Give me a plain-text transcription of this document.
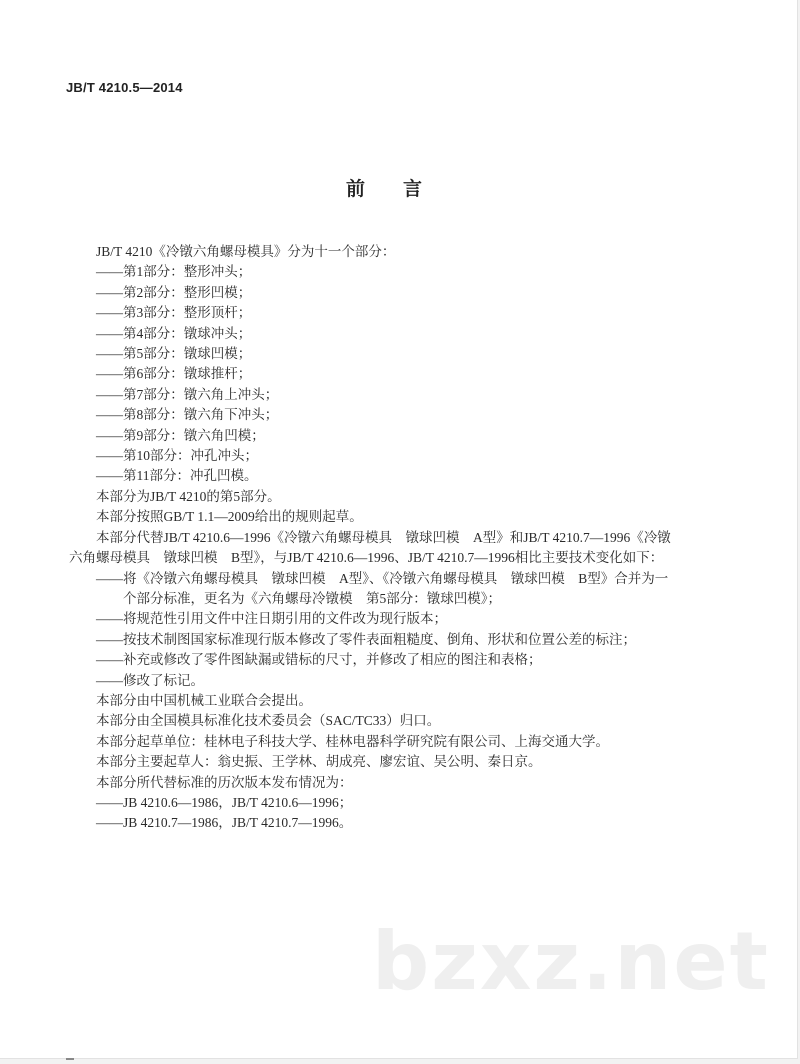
JB/T 4210.5—2014
前言
JB/T 4210《冷镦六角螺母模具》分为十一个部分：
——第1部分：整形冲头；
——第2部分：整形凹模；
——第3部分：整形顶杆；
——第4部分：镦球冲头；
——第5部分：镦球凹模；
——第6部分：镦球推杆；
——第7部分：镦六角上冲头；
——第8部分：镦六角下冲头；
——第9部分：镦六角凹模；
——第10部分：冲孔冲头；
——第11部分：冲孔凹模。
本部分为JB/T 4210的第5部分。
本部分按照GB/T 1.1—2009给出的规则起草。
本部分代替JB/T 4210.6—1996《冷镦六角螺母模具　镦球凹模　A型》和JB/T 4210.7—1996《冷镦
六角螺母模具　镦球凹模　B型》，与JB/T 4210.6—1996、JB/T 4210.7—1996相比主要技术变化如下：
——将《冷镦六角螺母模具　镦球凹模　A型》、《冷镦六角螺母模具　镦球凹模　B型》合并为一
个部分标准，更名为《六角螺母冷镦模　第5部分：镦球凹模》；
——将规范性引用文件中注日期引用的文件改为现行版本；
——按技术制图国家标准现行版本修改了零件表面粗糙度、倒角、形状和位置公差的标注；
——补充或修改了零件图缺漏或错标的尺寸，并修改了相应的图注和表格；
——修改了标记。
本部分由中国机械工业联合会提出。
本部分由全国模具标准化技术委员会（SAC/TC33）归口。
本部分起草单位：桂林电子科技大学、桂林电器科学研究院有限公司、上海交通大学。
本部分主要起草人：翁史振、王学林、胡成亮、廖宏谊、吴公明、秦日京。
本部分所代替标准的历次版本发布情况为：
——JB 4210.6—1986，JB/T 4210.6—1996；
——JB 4210.7—1986，JB/T 4210.7—1996。
bzxz.net
